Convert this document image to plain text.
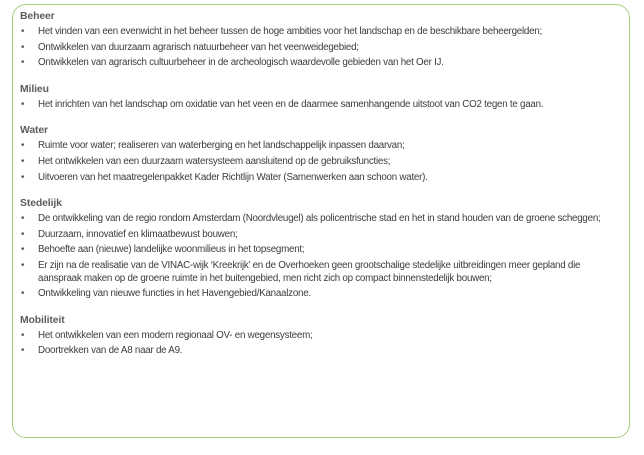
Beheer
• Het vinden van een evenwicht in het beheer tussen de hoge ambities voor het landschap en de beschikbare beheergelden;
• Ontwikkelen van duurzaam agrarisch natuurbeheer van het veenweidegebied;
• Ontwikkelen van agrarisch cultuurbeheer in de archeologisch waardevolle gebieden van het Oer IJ.
Milieu
• Het inrichten van het landschap om oxidatie van het veen en de daarmee samenhangende uitstoot van CO2 tegen te gaan.
Water
• Ruimte voor water; realiseren van waterberging en het landschappelijk inpassen daarvan;
• Het ontwikkelen van een duurzaam watersysteem aansluitend op de gebruiksfuncties;
• Uitvoeren van het maatregelenpakket Kader Richtlijn Water (Samenwerken aan schoon water).
Stedelijk
• De ontwikkeling van de regio rondom Amsterdam (Noordvleugel) als policentrische stad en het in stand houden van de groene scheggen;
• Duurzaam, innovatief en klimaatbewust bouwen;
• Behoefte aan (nieuwe) landelijke woonmilieus in het topsegment;
• Er zijn na de realisatie van de VINAC-wijk ‘Kreekrijk’ en de Overhoeken geen grootschalige stedelijke uitbreidingen meer gepland die aanspraak maken op de groene ruimte in het buitengebied, men richt zich op compact binnenstedelijk bouwen;
• Ontwikkeling van nieuwe functies in het Havengebied/Kanaalzone.
Mobiliteit
• Het ontwikkelen van een modern regionaal OV- en wegensysteem;
• Doortrekken van de A8 naar de A9.
